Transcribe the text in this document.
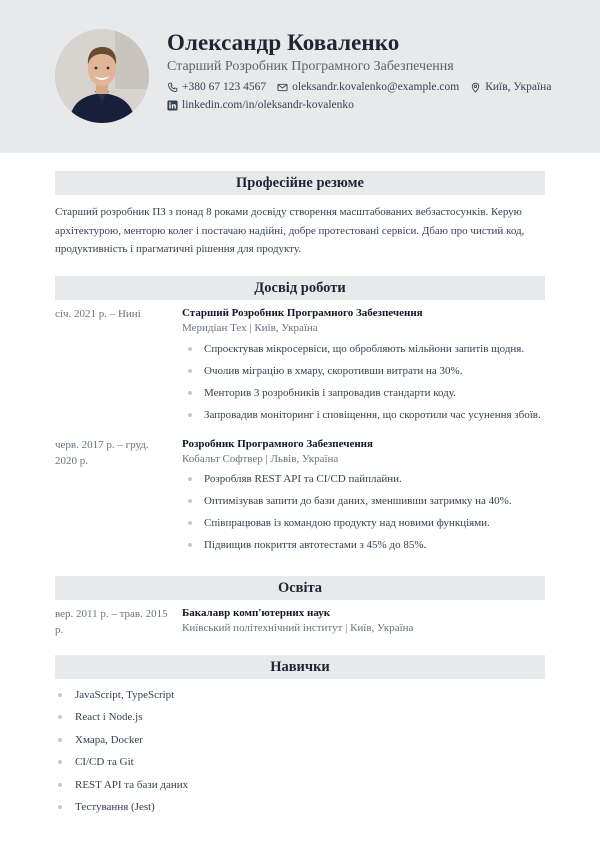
Олександр Коваленко
Старший Розробник Програмного Забезпечення
+380 67 123 4567 oleksandr.kovalenko@example.com Київ, Україна
linkedin.com/in/oleksandr-kovalenko
Професійне резюме

Старший розробник ПЗ з понад 8 роками досвіду створення масштабованих вебзастосунків. Керую архітектурою, менторю колег і постачаю надійні, добре протестовані сервіси. Дбаю про чистий код, продуктивність і прагматичні рішення для продукту.

Досвід роботи
січ. 2021 р. – Нині	Старший Розробник Програмного Забезпечення
Меридіан Тех | Київ, Україна
Спроєктував мікросервіси, що обробляють мільйони запитів щодня.
Очолив міграцію в хмару, скоротивши витрати на 30%.
Менторив 3 розробників і запровадив стандарти коду.
Запровадив моніторинг і сповіщення, що скоротили час усунення збоїв.
черв. 2017 р. – груд. 2020 р.
Розробник Програмного Забезпечення
Кобальт Софтвер | Львів, Україна
Розробляв REST API та CI/CD пайплайни.
Оптимізував запити до бази даних, зменшивши затримку на 40%.
Співпрацював із командою продукту над новими функціями.
Підвищив покриття автотестами з 45% до 85%.
Освіта
вер. 2011 р. – трав. 2015 р.
Бакалавр комп'ютерних наук
Київський політехнічний інститут | Київ, Україна
Навички
JavaScript, TypeScript
React і Node.js
Хмара, Docker
CI/CD та Git
REST API та бази даних
Тестування (Jest)
